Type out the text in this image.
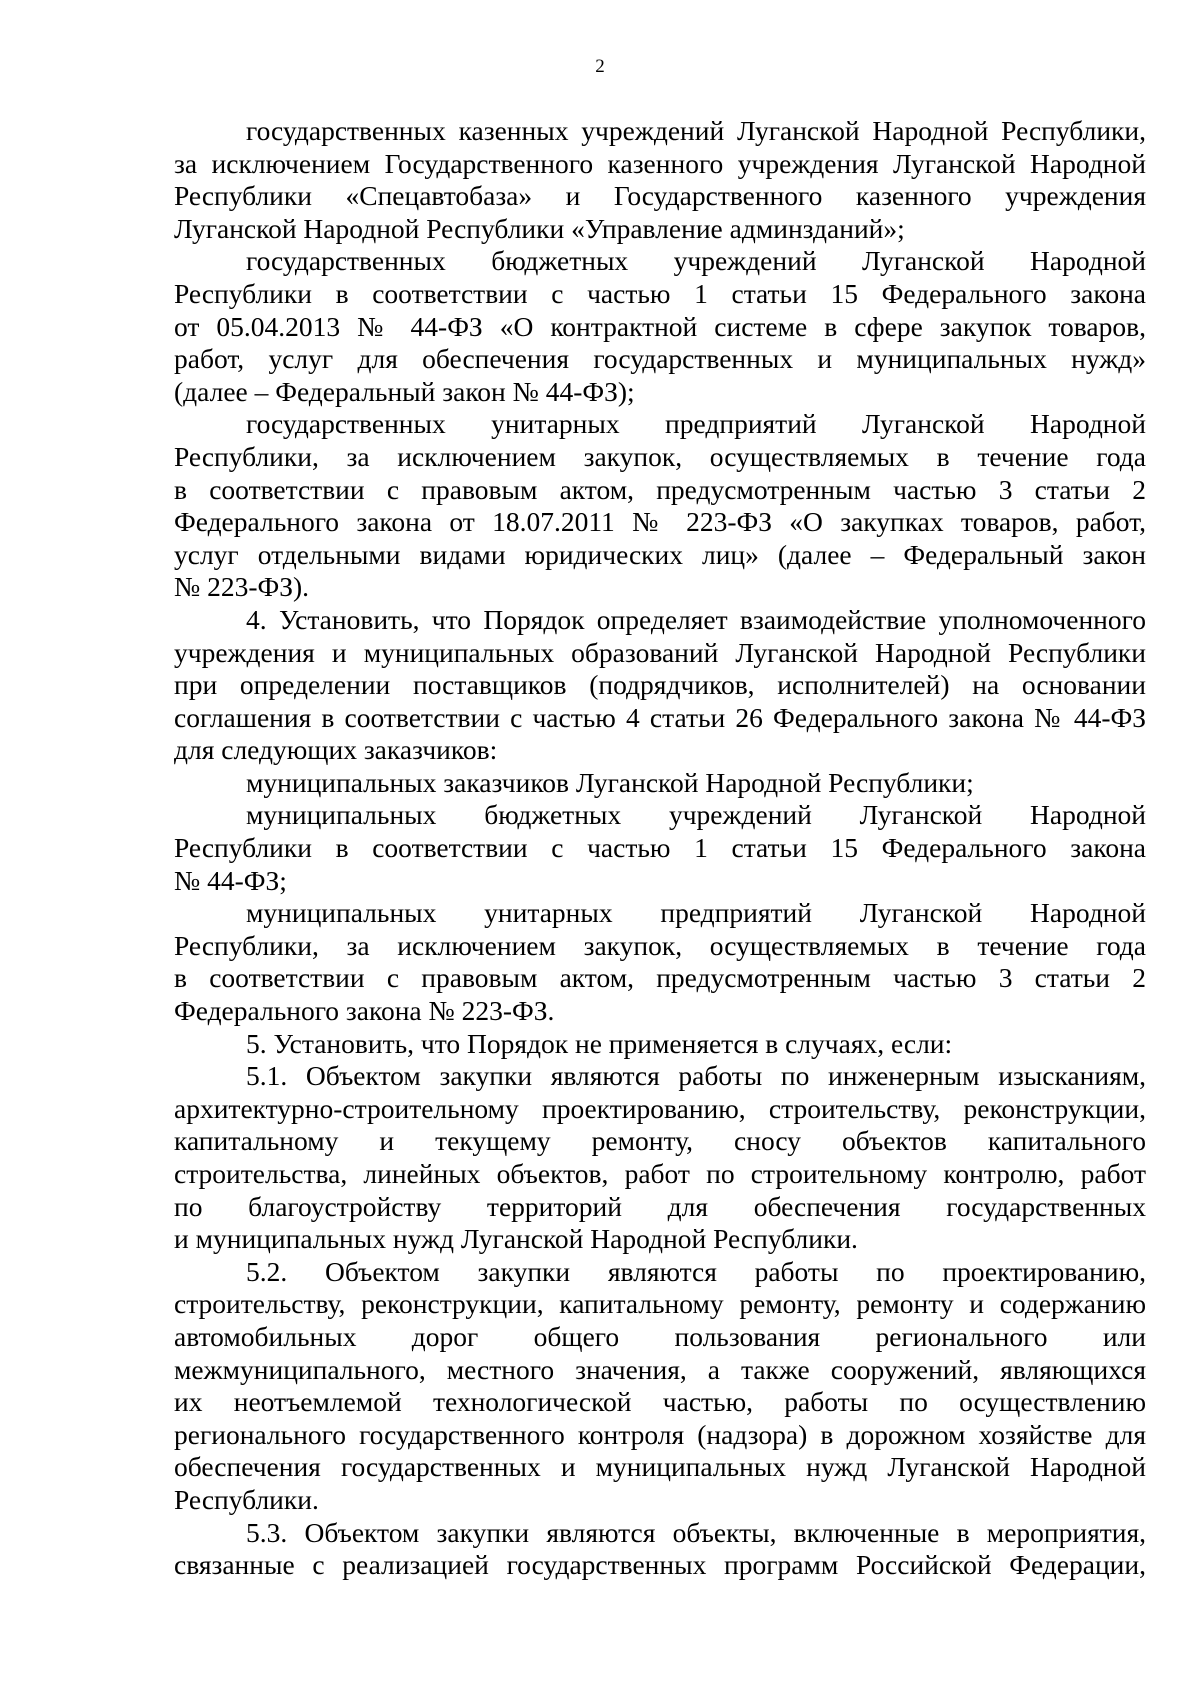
2
государственных казенных учреждений Луганской Народной Республики,
за исключением Государственного казенного учреждения Луганской Народной
Республики «Спецавтобаза» и Государственного казенного учреждения
Луганской Народной Республики «Управление админзданий»;
государственных бюджетных учреждений Луганской Народной
Республики в соответствии с частью 1 статьи 15 Федерального закона
от 05.04.2013 № 44-ФЗ «О контрактной системе в сфере закупок товаров,
работ, услуг для обеспечения государственных и муниципальных нужд»
(далее – Федеральный закон № 44-ФЗ);
государственных унитарных предприятий Луганской Народной
Республики, за исключением закупок, осуществляемых в течение года
в соответствии с правовым актом, предусмотренным частью 3 статьи 2
Федерального закона от 18.07.2011 № 223-ФЗ «О закупках товаров, работ,
услуг отдельными видами юридических лиц» (далее – Федеральный закон
№ 223-ФЗ).
4. Установить, что Порядок определяет взаимодействие уполномоченного
учреждения и муниципальных образований Луганской Народной Республики
при определении поставщиков (подрядчиков, исполнителей) на основании
соглашения в соответствии с частью 4 статьи 26 Федерального закона № 44-ФЗ
для следующих заказчиков:
муниципальных заказчиков Луганской Народной Республики;
муниципальных бюджетных учреждений Луганской Народной
Республики в соответствии с частью 1 статьи 15 Федерального закона
№ 44-ФЗ;
муниципальных унитарных предприятий Луганской Народной
Республики, за исключением закупок, осуществляемых в течение года
в соответствии с правовым актом, предусмотренным частью 3 статьи 2
Федерального закона № 223-ФЗ.
5. Установить, что Порядок не применяется в случаях, если:
5.1. Объектом закупки являются работы по инженерным изысканиям,
архитектурно-строительному проектированию, строительству, реконструкции,
капитальному и текущему ремонту, сносу объектов капитального
строительства, линейных объектов, работ по строительному контролю, работ
по благоустройству территорий для обеспечения государственных
и муниципальных нужд Луганской Народной Республики.
5.2. Объектом закупки являются работы по проектированию,
строительству, реконструкции, капитальному ремонту, ремонту и содержанию
автомобильных дорог общего пользования регионального или
межмуниципального, местного значения, а также сооружений, являющихся
их неотъемлемой технологической частью, работы по осуществлению
регионального государственного контроля (надзора) в дорожном хозяйстве для
обеспечения государственных и муниципальных нужд Луганской Народной
Республики.
5.3. Объектом закупки являются объекты, включенные в мероприятия,
связанные с реализацией государственных программ Российской Федерации,
